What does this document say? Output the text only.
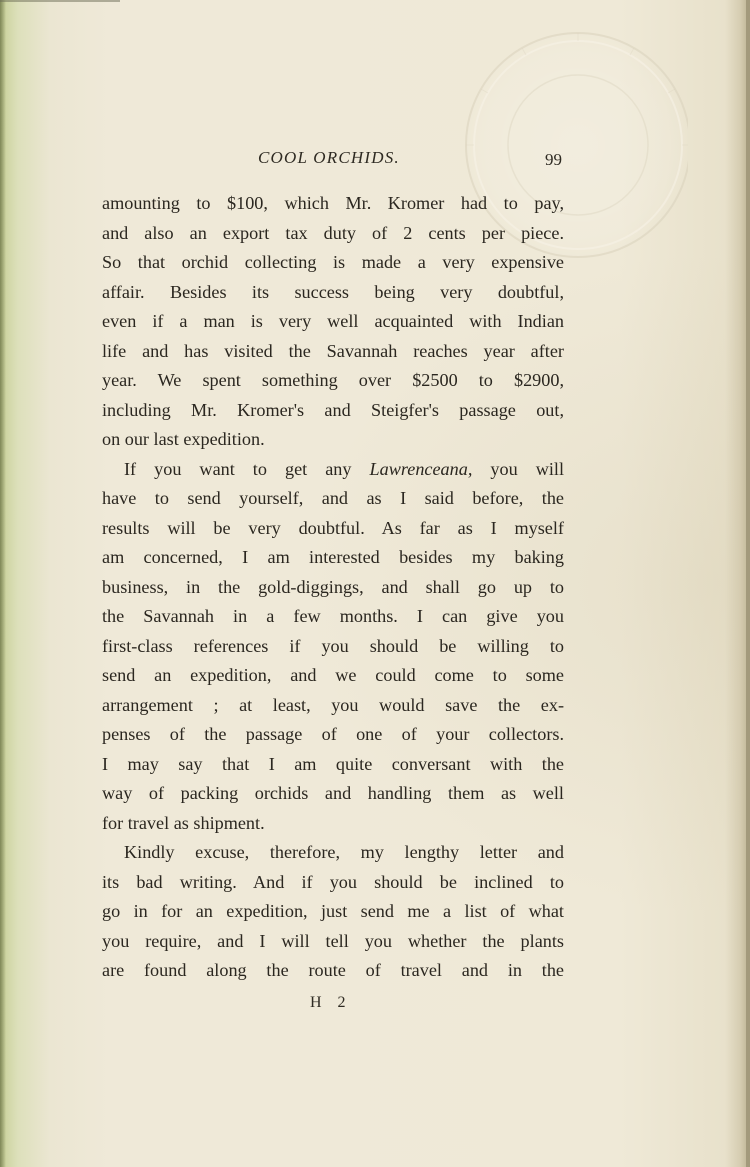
COOL ORCHIDS.	99
amounting to $100, which Mr. Kromer had to pay,
and also an export tax duty of 2 cents per piece.
So that orchid collecting is made a very expensive
affair. Besides its success being very doubtful,
even if a man is very well acquainted with Indian
life and has visited the Savannah reaches year after
year. We spent something over $2500 to $2900,
including Mr. Kromer's and Steigfer's passage out,
on our last expedition.
If you want to get any Lawrenceana, you will
have to send yourself, and as I said before, the
results will be very doubtful. As far as I myself
am concerned, I am interested besides my baking
business, in the gold-diggings, and shall go up to
the Savannah in a few months. I can give you
first-class references if you should be willing to
send an expedition, and we could come to some
arrangement ; at least, you would save the ex-
penses of the passage of one of your collectors.
I may say that I am quite conversant with the
way of packing orchids and handling them as well
for travel as shipment.
Kindly excuse, therefore, my lengthy letter and
its bad writing. And if you should be inclined to
go in for an expedition, just send me a list of what
you require, and I will tell you whether the plants
are found along the route of travel and in the
H 2
